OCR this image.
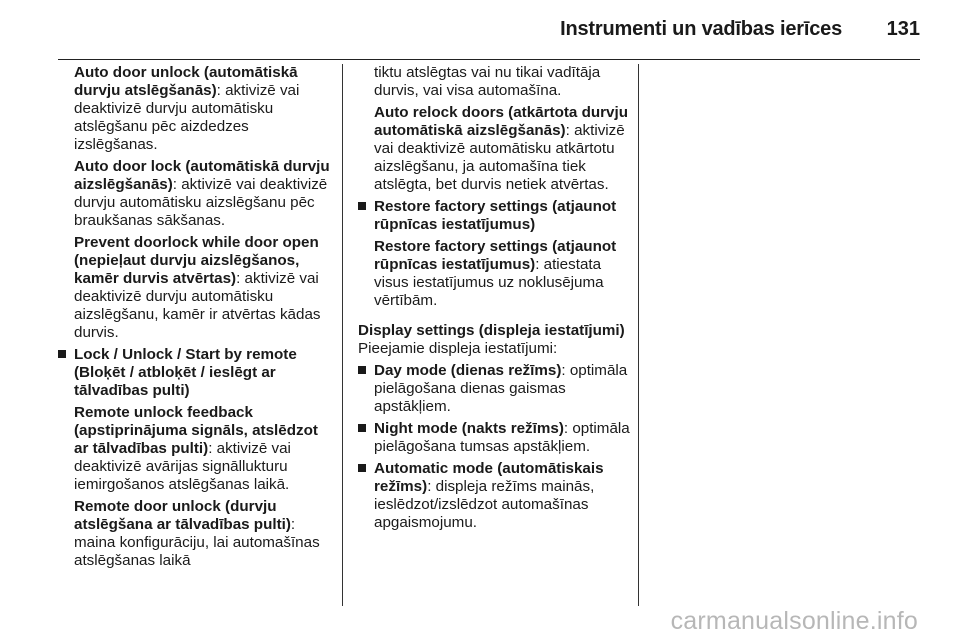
Instrumenti un vadības ierīces 131

Auto door unlock (automātiskā durvju atslēgšanās): aktivizē vai deaktivizē durvju automātisku atslēgšanu pēc aizdedzes izslēgšanas.

Auto door lock (automātiskā durvju aizslēgšanās): aktivizē vai deaktivizē durvju automātisku aizslēgšanu pēc braukšanas sākšanas.

Prevent doorlock while door open (nepieļaut durvju aizslēgšanos, kamēr durvis atvērtas): aktivizē vai deaktivizē durvju automātisku aizslēgšanu, kamēr ir atvērtas kādas durvis.

Lock / Unlock / Start by remote (Bloķēt / atbloķēt / ieslēgt ar tālvadības pulti)

Remote unlock feedback (apstiprinājuma signāls, atslēdzot ar tālvadības pulti): aktivizē vai deaktivizē avārijas signāllukturu iemirgošanos atslēgšanas laikā.

Remote door unlock (durvju atslēgšana ar tālvadības pulti): maina konfigurāciju, lai automašīnas atslēgšanas laikā

tiktu atslēgtas vai nu tikai vadītāja durvis, vai visa automašīna.

Auto relock doors (atkārtota durvju automātiskā aizslēgšanās): aktivizē vai deaktivizē automātisku atkārtotu aizslēgšanu, ja automašīna tiek atslēgta, bet durvis netiek atvērtas.

Restore factory settings (atjaunot rūpnīcas iestatījumus)

Restore factory settings (atjaunot rūpnīcas iestatījumus): atiestata visus iestatījumus uz noklusējuma vērtībām.

Display settings (displeja iestatījumi)

Pieejamie displeja iestatījumi:

Day mode (dienas režīms): optimāla pielāgošana dienas gaismas apstākļiem.
Night mode (nakts režīms): optimāla pielāgošana tumsas apstākļiem.
Automatic mode (automātiskais režīms): displeja režīms mainās, ieslēdzot/izslēdzot automašīnas apgaismojumu.
carmanualsonline.info
